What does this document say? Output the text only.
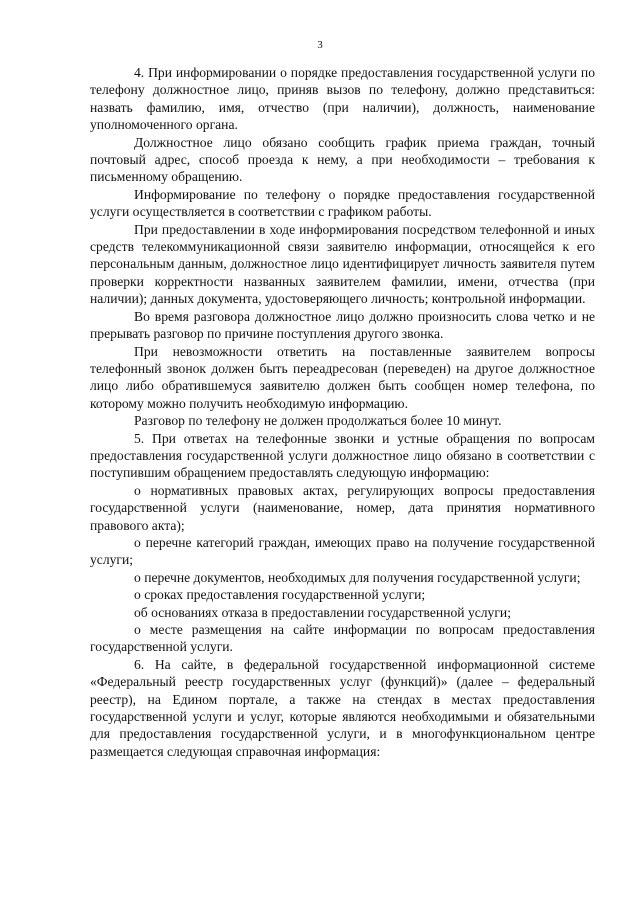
3

4. При информировании о порядке предоставления государственной услуги по телефону должностное лицо, приняв вызов по телефону, должно представиться: назвать фамилию, имя, отчество (при наличии), должность, наименование уполномоченного органа.

Должностное лицо обязано сообщить график приема граждан, точный почтовый адрес, способ проезда к нему, а при необходимости – требования к письменному обращению.

Информирование по телефону о порядке предоставления государственной услуги осуществляется в соответствии с графиком работы.

При предоставлении в ходе информирования посредством телефонной и иных средств телекоммуникационной связи заявителю информации, относящейся к его персональным данным, должностное лицо идентифицирует личность заявителя путем проверки корректности названных заявителем фамилии, имени, отчества (при наличии); данных документа, удостоверяющего личность; контрольной информации.

Во время разговора должностное лицо должно произносить слова четко и не прерывать разговор по причине поступления другого звонка.

При невозможности ответить на поставленные заявителем вопросы телефонный звонок должен быть переадресован (переведен) на другое должностное лицо либо обратившемуся заявителю должен быть сообщен номер телефона, по которому можно получить необходимую информацию.

Разговор по телефону не должен продолжаться более 10 минут.

5. При ответах на телефонные звонки и устные обращения по вопросам предоставления государственной услуги должностное лицо обязано в соответствии с поступившим обращением предоставлять следующую информацию:

о нормативных правовых актах, регулирующих вопросы предоставления государственной услуги (наименование, номер, дата принятия нормативного правового акта);

о перечне категорий граждан, имеющих право на получение государственной услуги;

о перечне документов, необходимых для получения государственной услуги;

о сроках предоставления государственной услуги;

об основаниях отказа в предоставлении государственной услуги;

о месте размещения на сайте информации по вопросам предоставления государственной услуги.

6. На сайте, в федеральной государственной информационной системе «Федеральный реестр государственных услуг (функций)» (далее – федеральный реестр), на Едином портале, а также на стендах в местах предоставления государственной услуги и услуг, которые являются необходимыми и обязательными для предоставления государственной услуги, и в многофункциональном центре размещается следующая справочная информация:
